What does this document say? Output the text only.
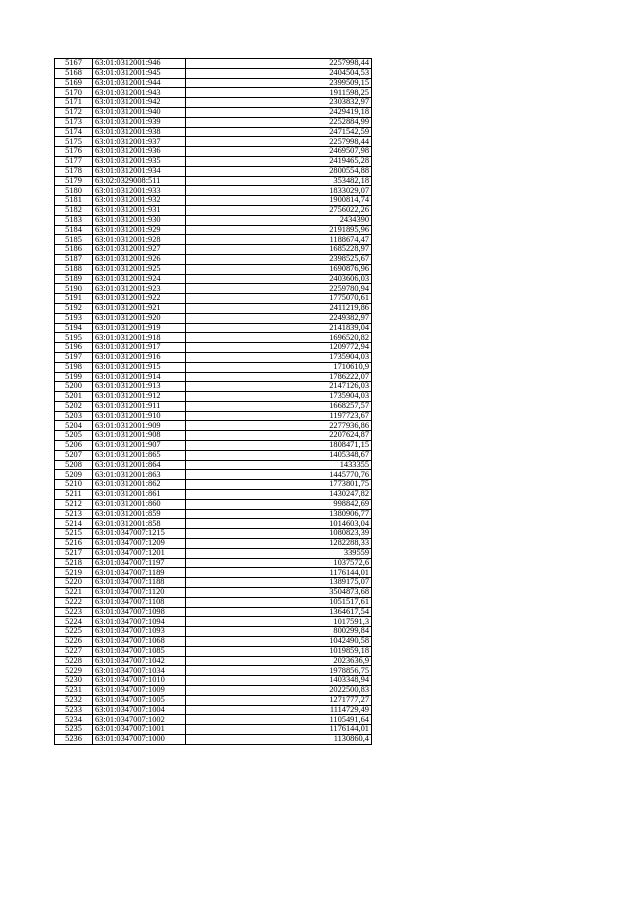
5167	63:01:0312001:946	2257998,44
5168	63:01:0312001:945	2404504,53
5169	63:01:0312001:944	2399509,15
5170	63:01:0312001:943	1911598,25
5171	63:01:0312001:942	2303832,97
5172	63:01:0312001:940	2429419,18
5173	63:01:0312001:939	2252884,99
5174	63:01:0312001:938	2471542,59
5175	63:01:0312001:937	2257998,44
5176	63:01:0312001:936	2469507,98
5177	63:01:0312001:935	2419465,28
5178	63:01:0312001:934	2800554,88
5179	63:02:0329008:511	353482,18
5180	63:01:0312001:933	1833029,07
5181	63:01:0312001:932	1900814,74
5182	63:01:0312001:931	2756022,26
5183	63:01:0312001:930	2434390
5184	63:01:0312001:929	2191895,96
5185	63:01:0312001:928	1188674,47
5186	63:01:0312001:927	1685228,97
5187	63:01:0312001:926	2398525,67
5188	63:01:0312001:925	1690876,96
5189	63:01:0312001:924	2403606,03
5190	63:01:0312001:923	2259780,94
5191	63:01:0312001:922	1775070,61
5192	63:01:0312001:921	2411219,86
5193	63:01:0312001:920	2249382,97
5194	63:01:0312001:919	2141839,04
5195	63:01:0312001:918	1696520,82
5196	63:01:0312001:917	1209772,94
5197	63:01:0312001:916	1735904,03
5198	63:01:0312001:915	1710610,9
5199	63:01:0312001:914	1786222,07
5200	63:01:0312001:913	2147126,03
5201	63:01:0312001:912	1735904,03
5202	63:01:0312001:911	1668257,57
5203	63:01:0312001:910	1197723,67
5204	63:01:0312001:909	2277936,86
5205	63:01:0312001:908	2207624,87
5206	63:01:0312001:907	1808471,15
5207	63:01:0312001:865	1405348,67
5208	63:01:0312001:864	1433355
5209	63:01:0312001:863	1445770,76
5210	63:01:0312001:862	1773801,75
5211	63:01:0312001:861	1430247,82
5212	63:01:0312001:860	998842,69
5213	63:01:0312001:859	1380906,77
5214	63:01:0312001:858	1014603,04
5215	63:01:0347007:1215	1080823,39
5216	63:01:0347007:1209	1282288,33
5217	63:01:0347007:1201	339559
5218	63:01:0347007:1197	1037572,6
5219	63:01:0347007:1189	1176144,01
5220	63:01:0347007:1188	1389175,07
5221	63:01:0347007:1120	3504873,68
5222	63:01:0347007:1108	1051517,61
5223	63:01:0347007:1098	1364617,54
5224	63:01:0347007:1094	1017591,3
5225	63:01:0347007:1093	800299,84
5226	63:01:0347007:1068	1042490,58
5227	63:01:0347007:1085	1019859,18
5228	63:01:0347007:1042	2023636,9
5229	63:01:0347007:1034	1978856,75
5230	63:01:0347007:1010	1403348,94
5231	63:01:0347007:1009	2022500,83
5232	63:01:0347007:1005	1271777,27
5233	63:01:0347007:1004	1114729,49
5234	63:01:0347007:1002	1105491,64
5235	63:01:0347007:1001	1176144,01
5236	63:01:0347007:1000	1130860,4
